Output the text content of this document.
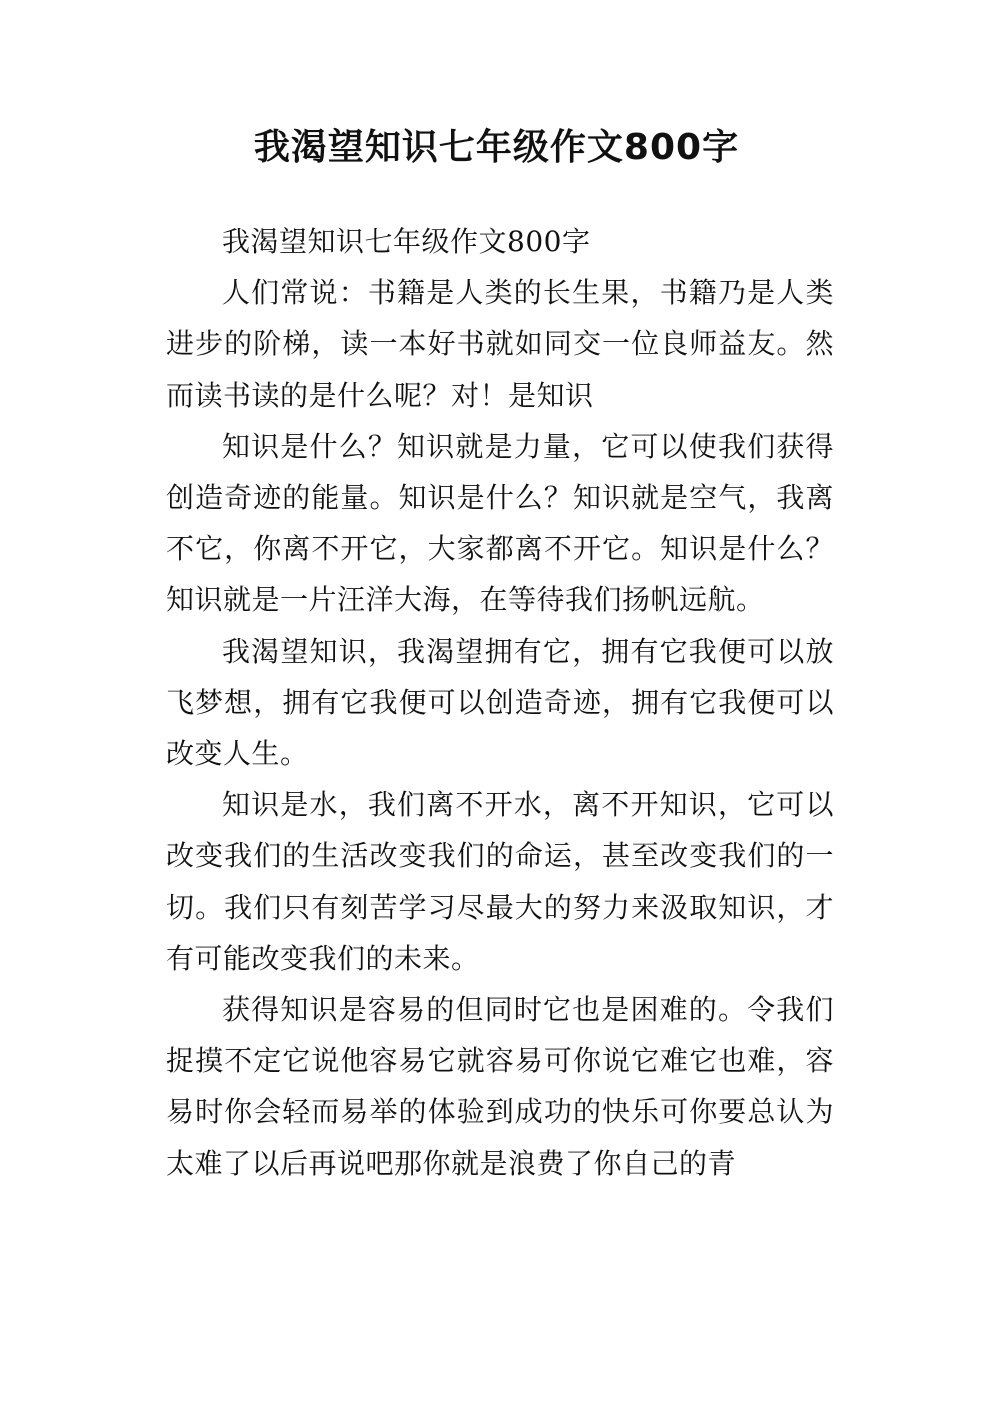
我渴望知识七年级作文800字

我渴望知识七年级作文800字

人们常说：书籍是人类的长生果，书籍乃是人类进步的阶梯，读一本好书就如同交一位良师益友。然而读书读的是什么呢？对！是知识

知识是什么？知识就是力量，它可以使我们获得创造奇迹的能量。知识是什么？知识就是空气，我离不它，你离不开它，大家都离不开它。知识是什么？知识就是一片汪洋大海，在等待我们扬帆远航。

我渴望知识，我渴望拥有它，拥有它我便可以放飞梦想，拥有它我便可以创造奇迹，拥有它我便可以改变人生。

知识是水，我们离不开水，离不开知识，它可以改变我们的生活改变我们的命运，甚至改变我们的一切。我们只有刻苦学习尽最大的努力来汲取知识，才有可能改变我们的未来。

获得知识是容易的但同时它也是困难的。令我们捉摸不定它说他容易它就容易可你说它难它也难，容易时你会轻而易举的体验到成功的快乐可你要总认为太难了以后再说吧那你就是浪费了你自己的青
